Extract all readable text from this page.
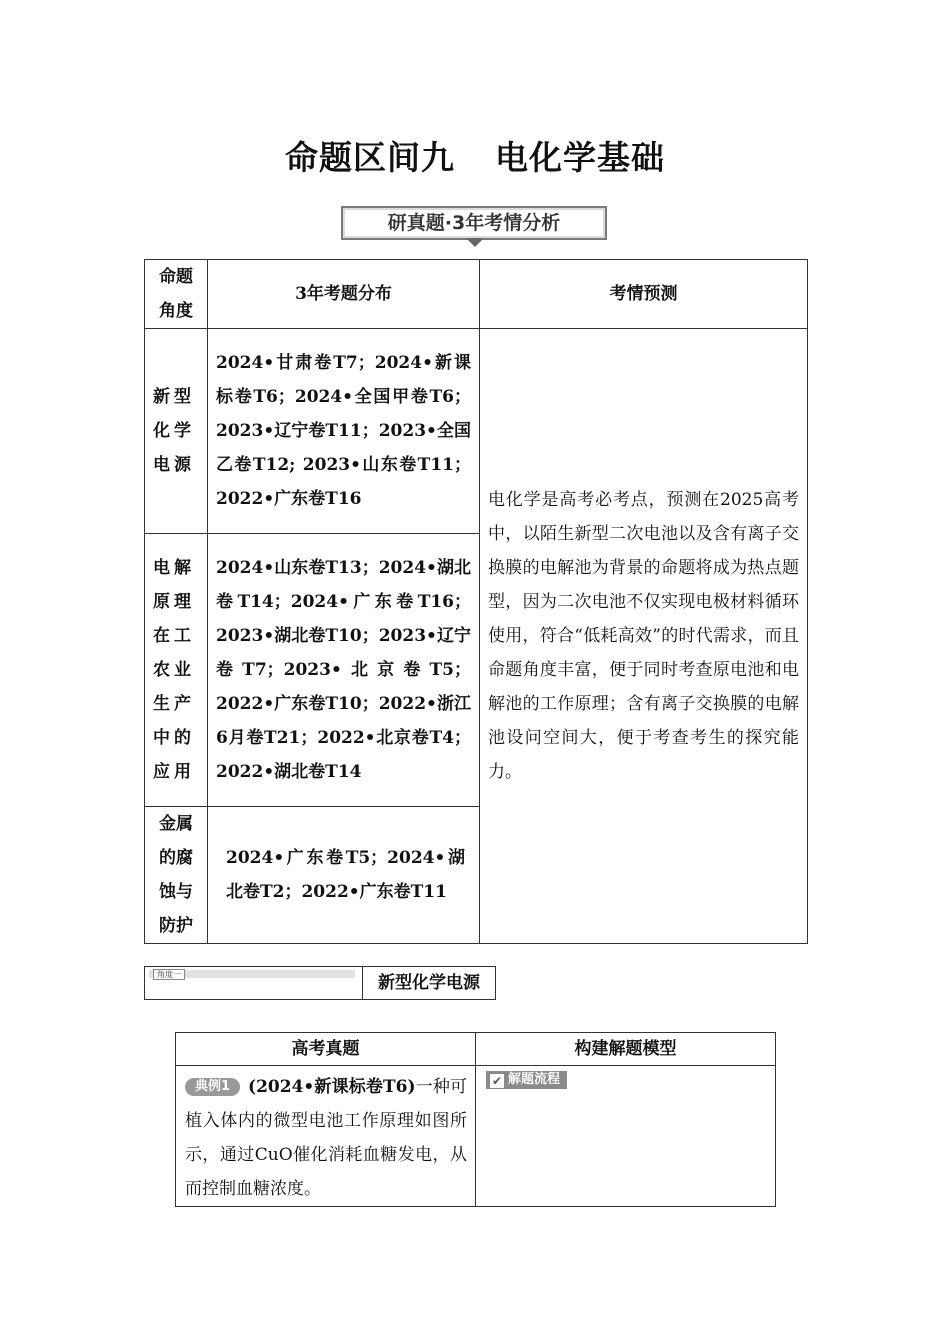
命题区间九 电化学基础
研真题·3年考情分析
命题角度	3年考题分布	考情预测
新型化学电源	2024•甘肃卷T7；2024•新课标卷T6；2024•全国甲卷T6；2023•辽宁卷T11；2023•全国乙卷T12; 2023•山东卷T11；2022•广东卷T16	电化学是高考必考点，预测在2025高考中，以陌生新型二次电池以及含有离子交换膜的电解池为背景的命题将成为热点题型，因为二次电池不仅实现电极材料循环使用，符合“低耗高效”的时代需求，而且命题角度丰富，便于同时考查原电池和电解池的工作原理；含有离子交换膜的电解池设问空间大，便于考查考生的探究能力。
电解原理在工农业生产中的应用	2024•山东卷T13；2024•湖北卷T14；2024•广东卷T16；2023•湖北卷T10；2023•辽宁卷T7；2023•北京卷T5；2022•广东卷T10；2022•浙江6月卷T21；2022•北京卷T4；2022•湖北卷T14	
金属的腐蚀与防护	2024•广东卷T5；2024•湖北卷T2；2022•广东卷T11	
角度一	新型化学电源
高考真题	构建解题模型
典例1 (2024•新课标卷T6)一种可植入体内的微型电池工作原理如图所示，通过CuO催化消耗血糖发电，从而控制血糖浓度。	✔ 解题流程
